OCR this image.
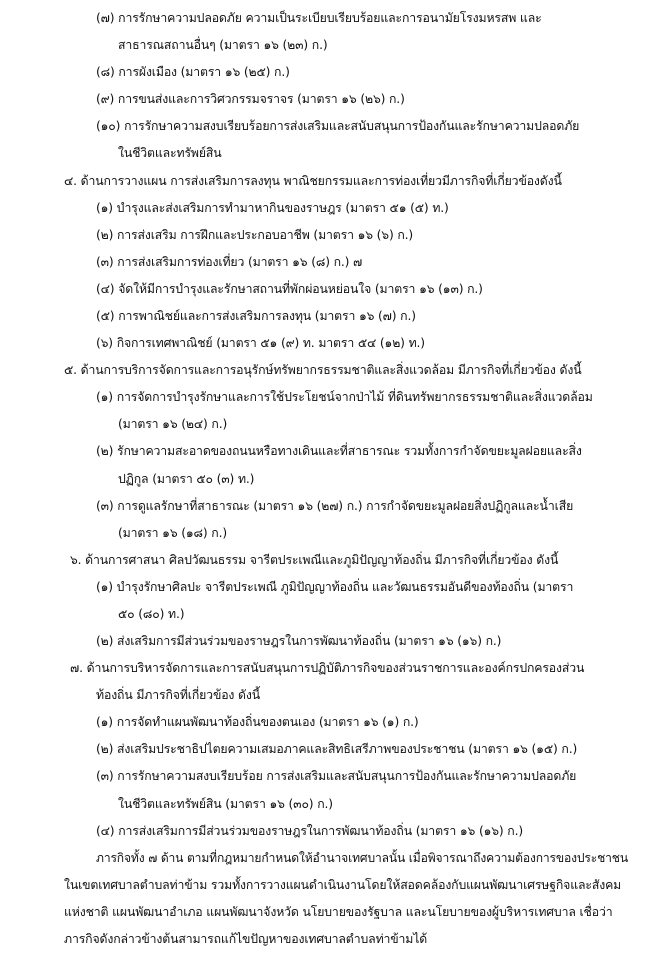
(๗) การรักษาความปลอดภัย ความเป็นระเบียบเรียบร้อยและการอนามัยโรงมหรสพ และ
สาธารณสถานอื่นๆ (มาตรา ๑๖ (๒๓) ก.)
(๘) การผังเมือง (มาตรา ๑๖ (๒๕) ก.)
(๙) การขนส่งและการวิศวกรรมจราจร (มาตรา ๑๖ (๒๖) ก.)
(๑๐) การรักษาความสงบเรียบร้อยการส่งเสริมและสนับสนุนการป้องกันและรักษาความปลอดภัย
ในชีวิตและทรัพย์สิน
๔. ด้านการวางแผน การส่งเสริมการลงทุน พาณิชยกรรมและการท่องเที่ยวมีภารกิจที่เกี่ยวข้องดังนี้
(๑) บำรุงและส่งเสริมการทำมาหากินของราษฎร (มาตรา ๕๑ (๕) ท.)
(๒) การส่งเสริม การฝึกและประกอบอาชีพ (มาตรา ๑๖ (๖) ก.)
(๓) การส่งเสริมการท่องเที่ยว (มาตรา ๑๖ (๘) ก.) ๗
(๔) จัดให้มีการบำรุงและรักษาสถานที่พักผ่อนหย่อนใจ (มาตรา ๑๖ (๑๓) ก.)
(๕) การพาณิชย์และการส่งเสริมการลงทุน (มาตรา ๑๖ (๗) ก.)
(๖) กิจการเทศพาณิชย์ (มาตรา ๕๑ (๙) ท. มาตรา ๕๔ (๑๒) ท.)
๕. ด้านการบริการจัดการและการอนุรักษ์ทรัพยากรธรรมชาติและสิ่งแวดล้อม มีภารกิจที่เกี่ยวข้อง ดังนี้
(๑) การจัดการบำรุงรักษาและการใช้ประโยชน์จากป่าไม้ ที่ดินทรัพยากรธรรมชาติและสิ่งแวดล้อม
(มาตรา ๑๖ (๒๔) ก.)
(๒) รักษาความสะอาดของถนนหรือทางเดินและที่สาธารณะ รวมทั้งการกำจัดขยะมูลฝอยและสิ่ง
ปฏิกูล (มาตรา ๕๐ (๓) ท.)
(๓) การดูแลรักษาที่สาธารณะ (มาตรา ๑๖ (๒๗) ก.) การกำจัดขยะมูลฝอยสิ่งปฏิกูลและน้ำเสีย
(มาตรา ๑๖ (๑๘) ก.)
๖. ด้านการศาสนา ศิลปวัฒนธรรม จารีตประเพณีและภูมิปัญญาท้องถิ่น มีภารกิจที่เกี่ยวข้อง ดังนี้
(๑) บำรุงรักษาศิลปะ จารีตประเพณี ภูมิปัญญาท้องถิ่น และวัฒนธรรมอันดีของท้องถิ่น (มาตรา
๕๐ (๘๐) ท.)
(๒) ส่งเสริมการมีส่วนร่วมของราษฎรในการพัฒนาท้องถิ่น (มาตรา ๑๖ (๑๖) ก.)
๗. ด้านการบริหารจัดการและการสนับสนุนการปฏิบัติภารกิจของส่วนราชการและองค์กรปกครองส่วน
ท้องถิ่น มีภารกิจที่เกี่ยวข้อง ดังนี้
(๑) การจัดทำแผนพัฒนาท้องถิ่นของตนเอง (มาตรา ๑๖ (๑) ก.)
(๒) ส่งเสริมประชาธิปไตยความเสมอภาคและสิทธิเสรีภาพของประชาชน (มาตรา ๑๖ (๑๕) ก.)
(๓) การรักษาความสงบเรียบร้อย การส่งเสริมและสนับสนุนการป้องกันและรักษาความปลอดภัย
ในชีวิตและทรัพย์สิน (มาตรา ๑๖ (๓๐) ก.)
(๔) การส่งเสริมการมีส่วนร่วมของราษฎรในการพัฒนาท้องถิ่น (มาตรา ๑๖ (๑๖) ก.)
ภารกิจทั้ง ๗ ด้าน ตามที่กฎหมายกำหนดให้อำนาจเทศบาลนั้น เมื่อพิจารณาถึงความต้องการของประชาชน
ในเขตเทศบาลตำบลท่าข้าม รวมทั้งการวางแผนดำเนินงานโดยให้สอดคล้องกับแผนพัฒนาเศรษฐกิจและสังคม
แห่งชาติ แผนพัฒนาอำเภอ แผนพัฒนาจังหวัด นโยบายของรัฐบาล และนโยบายของผู้บริหารเทศบาล เชื่อว่า
ภารกิจดังกล่าวข้างต้นสามารถแก้ไขปัญหาของเทศบาลตำบลท่าข้ามได้
